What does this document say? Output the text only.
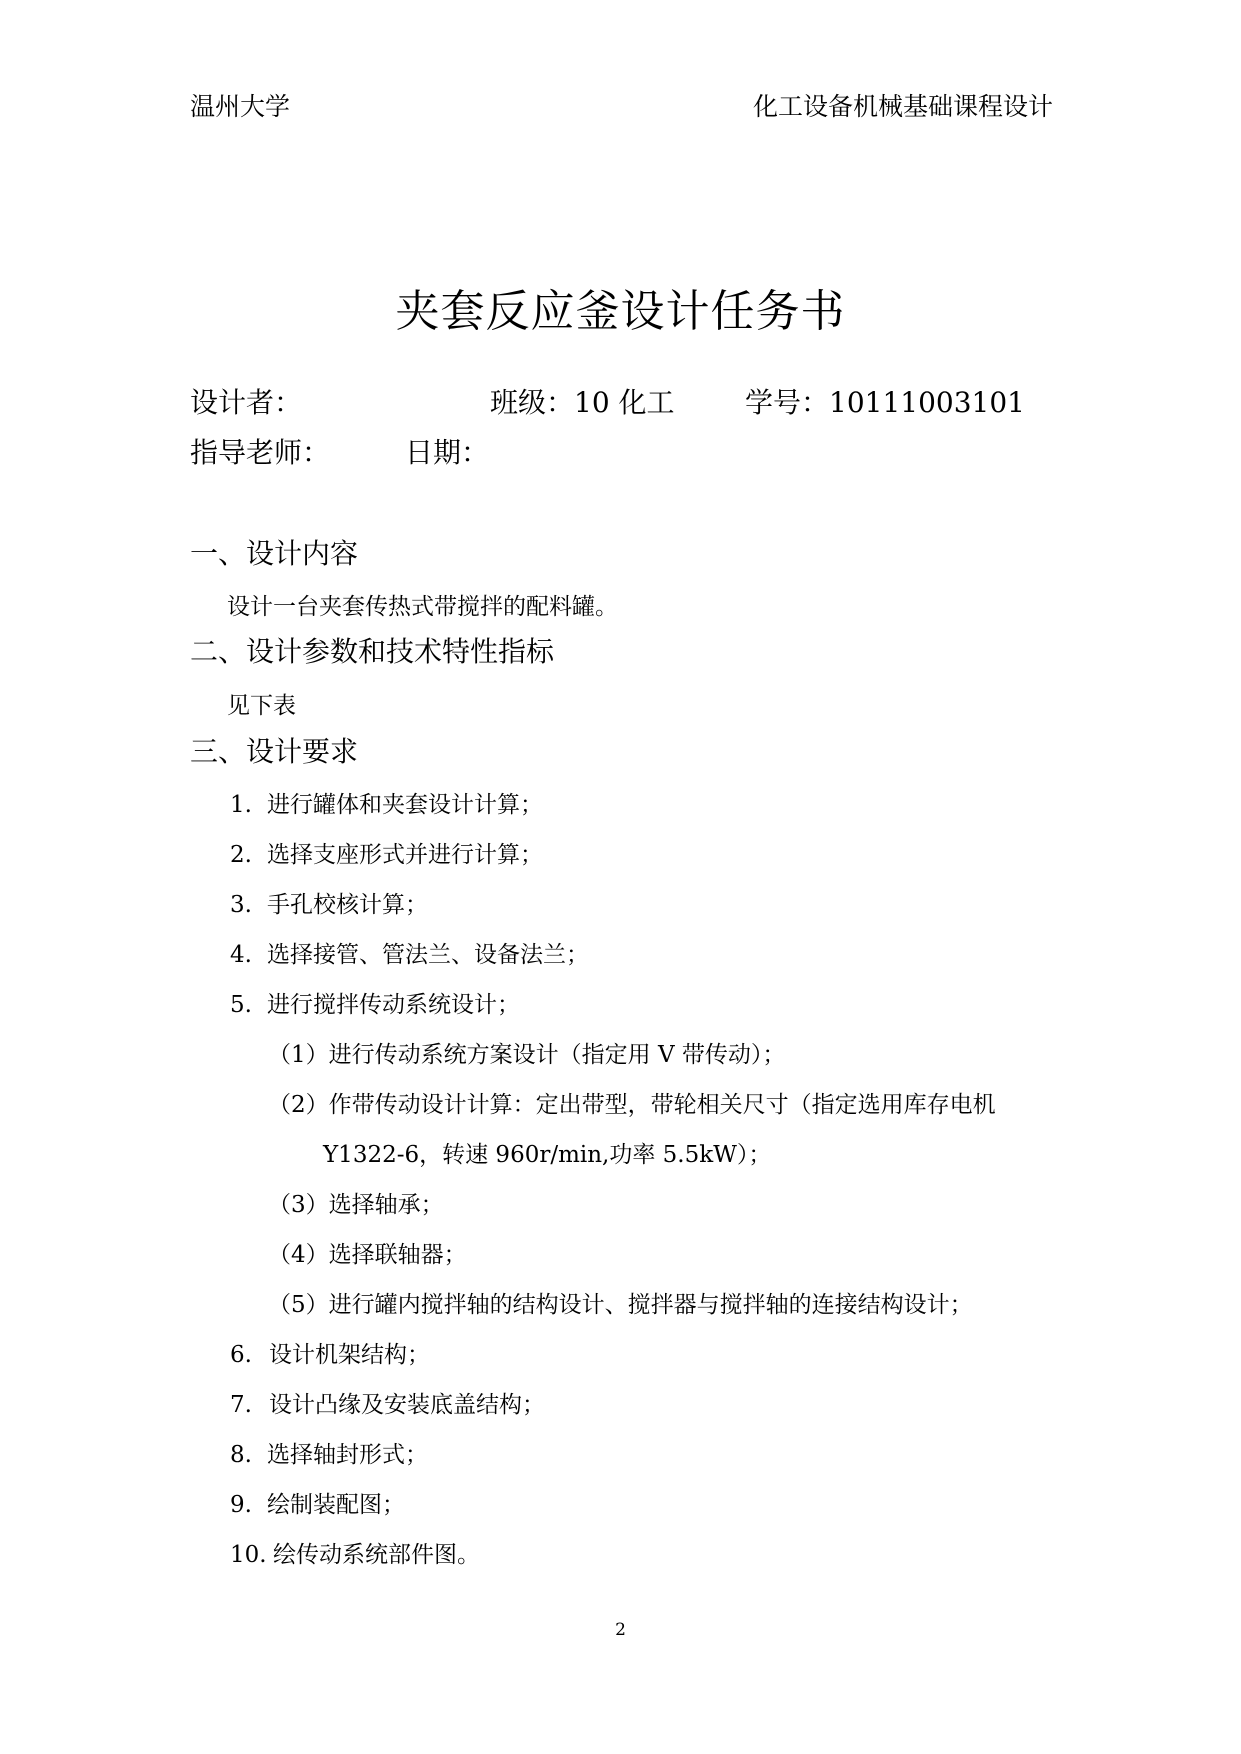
温州大学	化工设备机械基础课程设计
夹套反应釜设计任务书
设计者：	班级：10 化工	学号：10111003101
指导老师：	日期：
一、设计内容
设计一台夹套传热式带搅拌的配料罐。
二、设计参数和技术特性指标
见下表
三、设计要求
1. 进行罐体和夹套设计计算；
2. 选择支座形式并进行计算；
3. 手孔校核计算；
4. 选择接管、管法兰、设备法兰；
5. 进行搅拌传动系统设计；
（1）进行传动系统方案设计（指定用 V 带传动）；
（2）作带传动设计计算：定出带型，带轮相关尺寸（指定选用库存电机
Y1322-6，转速 960r/min,功率 5.5kW）；
（3）选择轴承；
（4）选择联轴器；
（5）进行罐内搅拌轴的结构设计、搅拌器与搅拌轴的连接结构设计；
6. 设计机架结构；
7. 设计凸缘及安装底盖结构；
8. 选择轴封形式；
9. 绘制装配图；
10. 绘传动系统部件图。
2
